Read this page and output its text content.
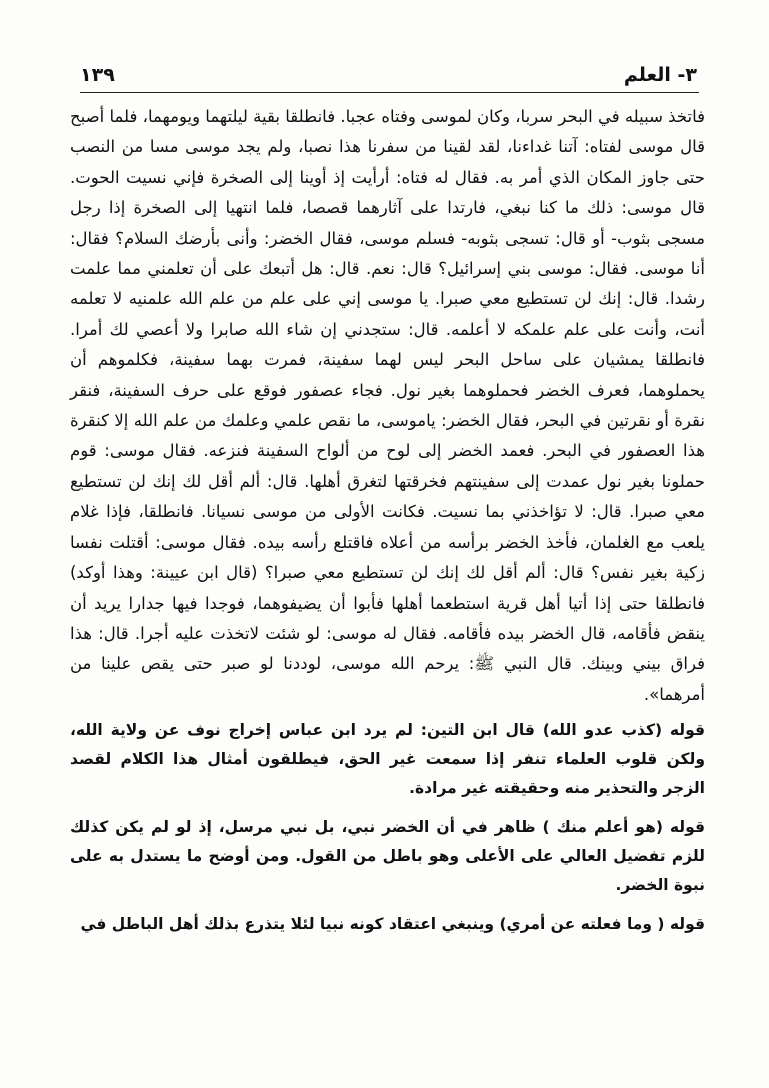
٣- العلم
١٣٩

فاتخذ سبيله في البحر سربا، وكان لموسى وفتاه عجبا. فانطلقا بقية ليلتهما ويومهما، فلما أصبح قال موسى لفتاه: آتنا غداءنا، لقد لقينا من سفرنا هذا نصبا، ولم يجد موسى مسا من النصب حتى جاوز المكان الذي أمر به. فقال له فتاه: أرأيت إذ أوينا إلى الصخرة فإني نسيت الحوت. قال موسى: ذلك ما كنا نبغي، فارتدا على آثارهما قصصا، فلما انتهيا إلى الصخرة إذا رجل مسجى بثوب- أو قال: تسجى بثوبه- فسلم موسى، فقال الخضر: وأنى بأرضك السلام؟ فقال: أنا موسى. فقال: موسى بني إسرائيل؟ قال: نعم. قال: هل أتبعك على أن تعلمني مما علمت رشدا. قال: إنك لن تستطيع معي صبرا. يا موسى إني على علم من علم الله علمنيه لا تعلمه أنت، وأنت على علم علمكه لا أعلمه. قال: ستجدني إن شاء الله صابرا ولا أعصي لك أمرا. فانطلقا يمشيان على ساحل البحر ليس لهما سفينة، فمرت بهما سفينة، فكلموهم أن يحملوهما، فعرف الخضر فحملوهما بغير نول. فجاء عصفور فوقع على حرف السفينة، فنقر نقرة أو نقرتين في البحر، فقال الخضر: ياموسى، ما نقص علمي وعلمك من علم الله إلا كنقرة هذا العصفور في البحر. فعمد الخضر إلى لوح من ألواح السفينة فنزعه. فقال موسى: قوم حملونا بغير نول عمدت إلى سفينتهم فخرقتها لتغرق أهلها. قال: ألم أقل لك إنك لن تستطيع معي صبرا. قال: لا تؤاخذني بما نسيت. فكانت الأولى من موسى نسيانا. فانطلقا، فإذا غلام يلعب مع الغلمان، فأخذ الخضر برأسه من أعلاه فاقتلع رأسه بيده. فقال موسى: أقتلت نفسا زكية بغير نفس؟ قال: ألم أقل لك إنك لن تستطيع معي صبرا؟ (قال ابن عيينة: وهذا أوكد) فانطلقا حتى إذا أتيا أهل قرية استطعما أهلها فأبوا أن يضيفوهما، فوجدا فيها جدارا يريد أن ينقض فأقامه، قال الخضر بيده فأقامه. فقال له موسى: لو شئت لاتخذت عليه أجرا. قال: هذا فراق بيني وبينك. قال النبي ﷺ: يرحم الله موسى، لوددنا لو صبر حتى يقص علينا من أمرهما».

قوله (كذب عدو الله) قال ابن التين: لم يرد ابن عباس إخراج نوف عن ولاية الله، ولكن قلوب العلماء تنفر إذا سمعت غير الحق، فيطلقون أمثال هذا الكلام لقصد الزجر والتحذير منه وحقيقته غير مرادة.

قوله (هو أعلم منك ) ظاهر في أن الخضر نبي، بل نبي مرسل، إذ لو لم يكن كذلك للزم تفضيل العالي على الأعلى وهو باطل من القول. ومن أوضح ما يستدل به على نبوة الخضر.

قوله ( وما فعلته عن أمري) وينبغي اعتقاد كونه نبيا لئلا يتذرع بذلك أهل الباطل في
